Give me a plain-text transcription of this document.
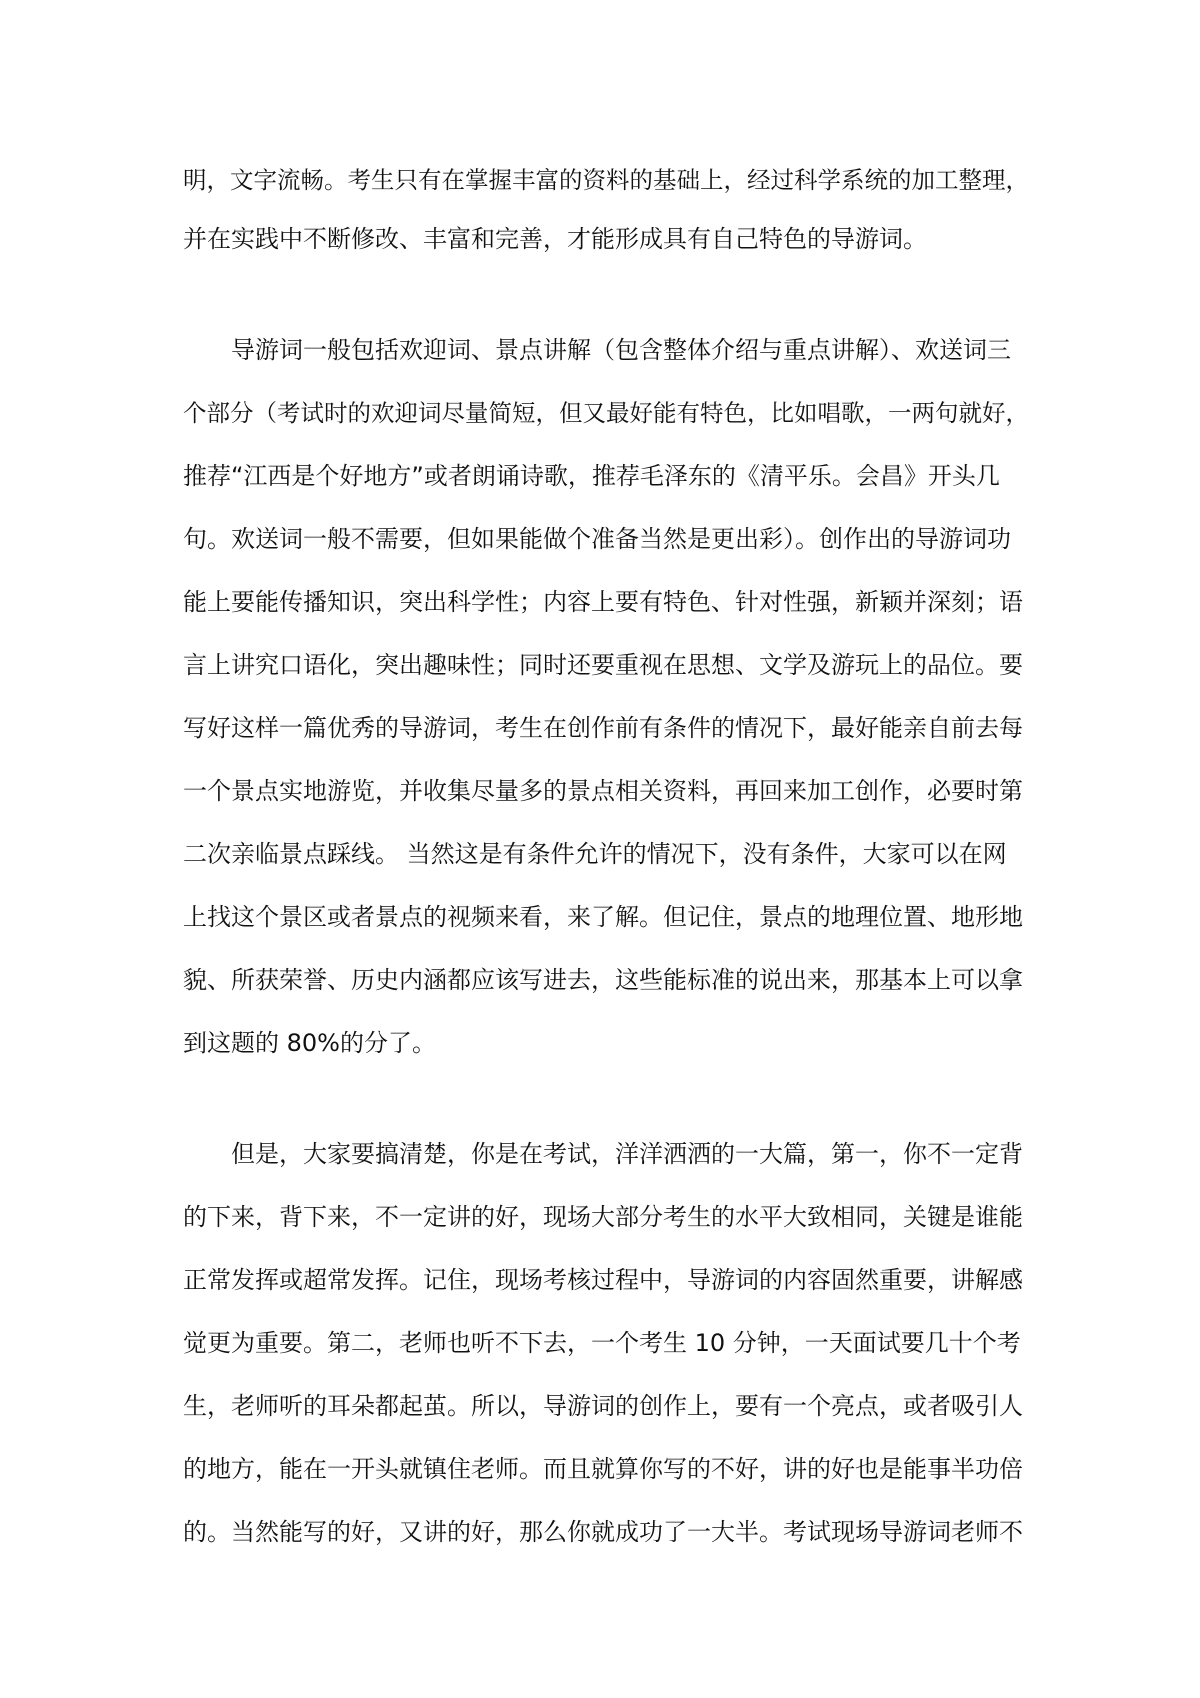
明，文字流畅。考生只有在掌握丰富的资料的基础上，经过科学系统的加工整理，

并在实践中不断修改、丰富和完善，才能形成具有自己特色的导游词。

导游词一般包括欢迎词、景点讲解（包含整体介绍与重点讲解）、欢送词三

个部分（考试时的欢迎词尽量简短，但又最好能有特色，比如唱歌，一两句就好，

推荐“江西是个好地方”或者朗诵诗歌，推荐毛泽东的《清平乐。会昌》开头几

句。欢送词一般不需要，但如果能做个准备当然是更出彩）。创作出的导游词功

能上要能传播知识，突出科学性；内容上要有特色、针对性强，新颖并深刻；语

言上讲究口语化，突出趣味性；同时还要重视在思想、文学及游玩上的品位。要

写好这样一篇优秀的导游词，考生在创作前有条件的情况下，最好能亲自前去每

一个景点实地游览，并收集尽量多的景点相关资料，再回来加工创作，必要时第

二次亲临景点踩线。 当然这是有条件允许的情况下，没有条件，大家可以在网

上找这个景区或者景点的视频来看，来了解。但记住，景点的地理位置、地形地

貌、所获荣誉、历史内涵都应该写进去，这些能标准的说出来，那基本上可以拿

到这题的 80%的分了。

但是，大家要搞清楚，你是在考试，洋洋洒洒的一大篇，第一，你不一定背

的下来，背下来，不一定讲的好，现场大部分考生的水平大致相同，关键是谁能

正常发挥或超常发挥。记住，现场考核过程中，导游词的内容固然重要，讲解感

觉更为重要。第二，老师也听不下去，一个考生 10 分钟，一天面试要几十个考

生，老师听的耳朵都起茧。所以，导游词的创作上，要有一个亮点，或者吸引人

的地方，能在一开头就镇住老师。而且就算你写的不好，讲的好也是能事半功倍

的。当然能写的好，又讲的好，那么你就成功了一大半。考试现场导游词老师不
